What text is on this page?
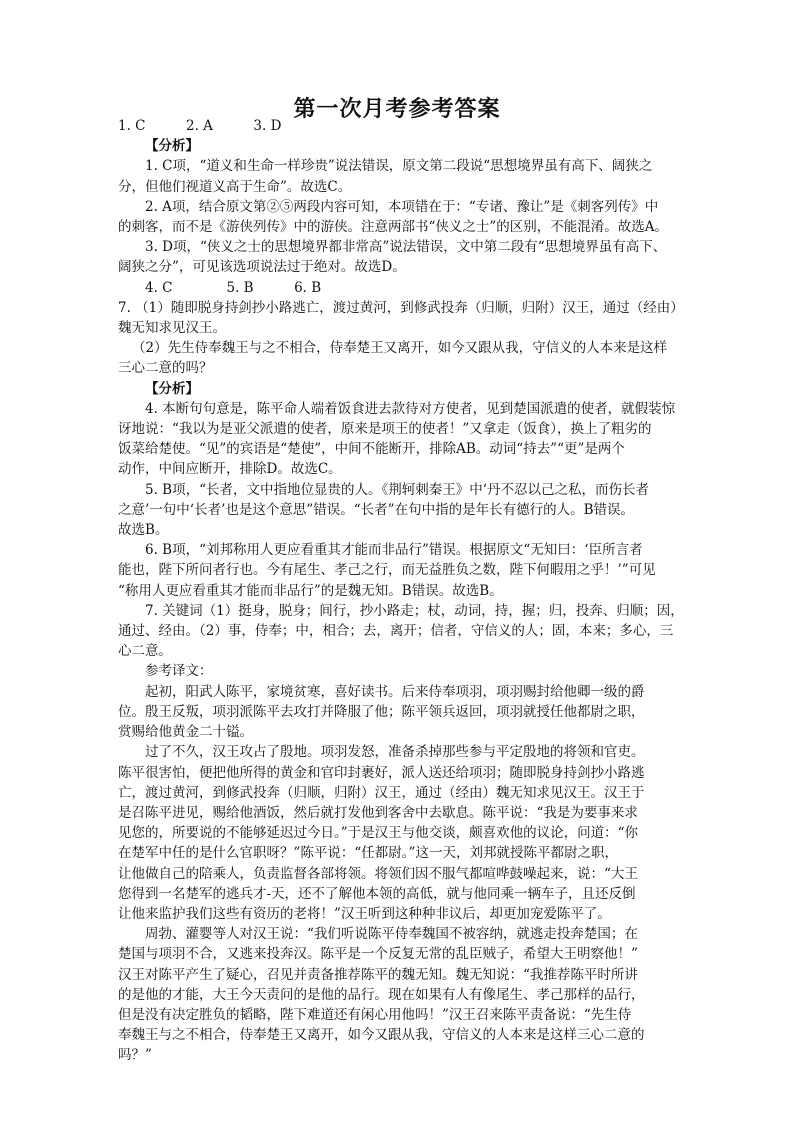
第一次月考参考答案
1. C　　　2. A　　　3. D
【分析】
1. C项，“道义和生命一样珍贵”说法错误，原文第二段说“思想境界虽有高下、阔狭之
分，但他们视道义高于生命”。故选C。
2. A项，结合原文第②⑤两段内容可知，本项错在于：“专诸、豫让”是《刺客列传》中
的刺客，而不是《游侠列传》中的游侠。注意两部书“侠义之士”的区别，不能混淆。故选A。
3. D项，“侠义之士的思想境界都非常高”说法错误，文中第二段有“思想境界虽有高下、
阔狭之分”，可见该选项说法过于绝对。故选D。
4. C　　　　5. B　　　6. B
7. （1）随即脱身持剑抄小路逃亡，渡过黄河，到修武投奔（归顺，归附）汉王，通过（经由）
魏无知求见汉王。
（2）先生侍奉魏王与之不相合，侍奉楚王又离开，如今又跟从我，守信义的人本来是这样
三心二意的吗？
【分析】
4. 本断句句意是，陈平命人端着饭食进去款待对方使者，见到楚国派遣的使者，就假装惊
讶地说：“我以为是亚父派遣的使者，原来是项王的使者！”又拿走（饭食），换上了粗劣的
饭菜给楚使。“见”的宾语是“楚使”，中间不能断开，排除AB。动词“持去”“更”是两个
动作，中间应断开，排除D。故选C。
5. B项，“长者，文中指地位显贵的人。《荆轲刺秦王》中‘丹不忍以己之私，而伤长者
之意’一句中‘长者’也是这个意思”错误。“长者”在句中指的是年长有德行的人。B错误。
故选B。
6. B项，“刘邦称用人更应看重其才能而非品行”错误。根据原文“无知曰：‘臣所言者
能也，陛下所问者行也。今有尾生、孝己之行，而无益胜负之数，陛下何暇用之乎！’”可见
“称用人更应看重其才能而非品行”的是魏无知。B错误。故选B。
7. 关键词（1）挺身，脱身；间行，抄小路走；杖，动词，持，握；归，投奔、归顺；因，
通过、经由。（2）事，侍奉；中，相合；去，离开；信者，守信义的人；固，本来；多心，三
心二意。
参考译文：
起初，阳武人陈平，家境贫寒，喜好读书。后来侍奉项羽，项羽赐封给他卿一级的爵
位。殷王反叛，项羽派陈平去攻打并降服了他；陈平领兵返回，项羽就授任他都尉之职，
赏赐给他黄金二十镒。
过了不久，汉王攻占了殷地。项羽发怒，准备杀掉那些参与平定殷地的将领和官吏。
陈平很害怕，便把他所得的黄金和官印封裹好，派人送还给项羽；随即脱身持剑抄小路逃
亡，渡过黄河，到修武投奔（归顺，归附）汉王，通过（经由）魏无知求见汉王。汉王于
是召陈平进见，赐给他酒饭，然后就打发他到客舍中去歇息。陈平说：“我是为要事来求
见您的，所要说的不能够延迟过今日。”于是汉王与他交谈，颇喜欢他的议论，问道：“你
在楚军中任的是什么官职呀？”陈平说：“任都尉。”这一天，刘邦就授陈平都尉之职，
让他做自己的陪乘人，负责监督各部将领。将领们因不服气都喧哗鼓噪起来，说：“大王
您得到一名楚军的逃兵才-天，还不了解他本领的高低，就与他同乘一辆车子，且还反倒
让他来监护我们这些有资历的老将！”汉王听到这种种非议后，却更加宠爱陈平了。
周勃、灌婴等人对汉王说：“我们听说陈平侍奉魏国不被容纳，就逃走投奔楚国；在
楚国与项羽不合，又逃来投奔汉。陈平是一个反复无常的乱臣贼子，希望大王明察他！”
汉王对陈平产生了疑心，召见并责备推荐陈平的魏无知。魏无知说：“我推荐陈平时所讲
的是他的才能，大王今天责问的是他的品行。现在如果有人有像尾生、孝己那样的品行，
但是没有决定胜负的韬略，陛下难道还有闲心用他吗！”汉王召来陈平责备说：“先生侍
奉魏王与之不相合，侍奉楚王又离开，如今又跟从我，守信义的人本来是这样三心二意的
吗？”
